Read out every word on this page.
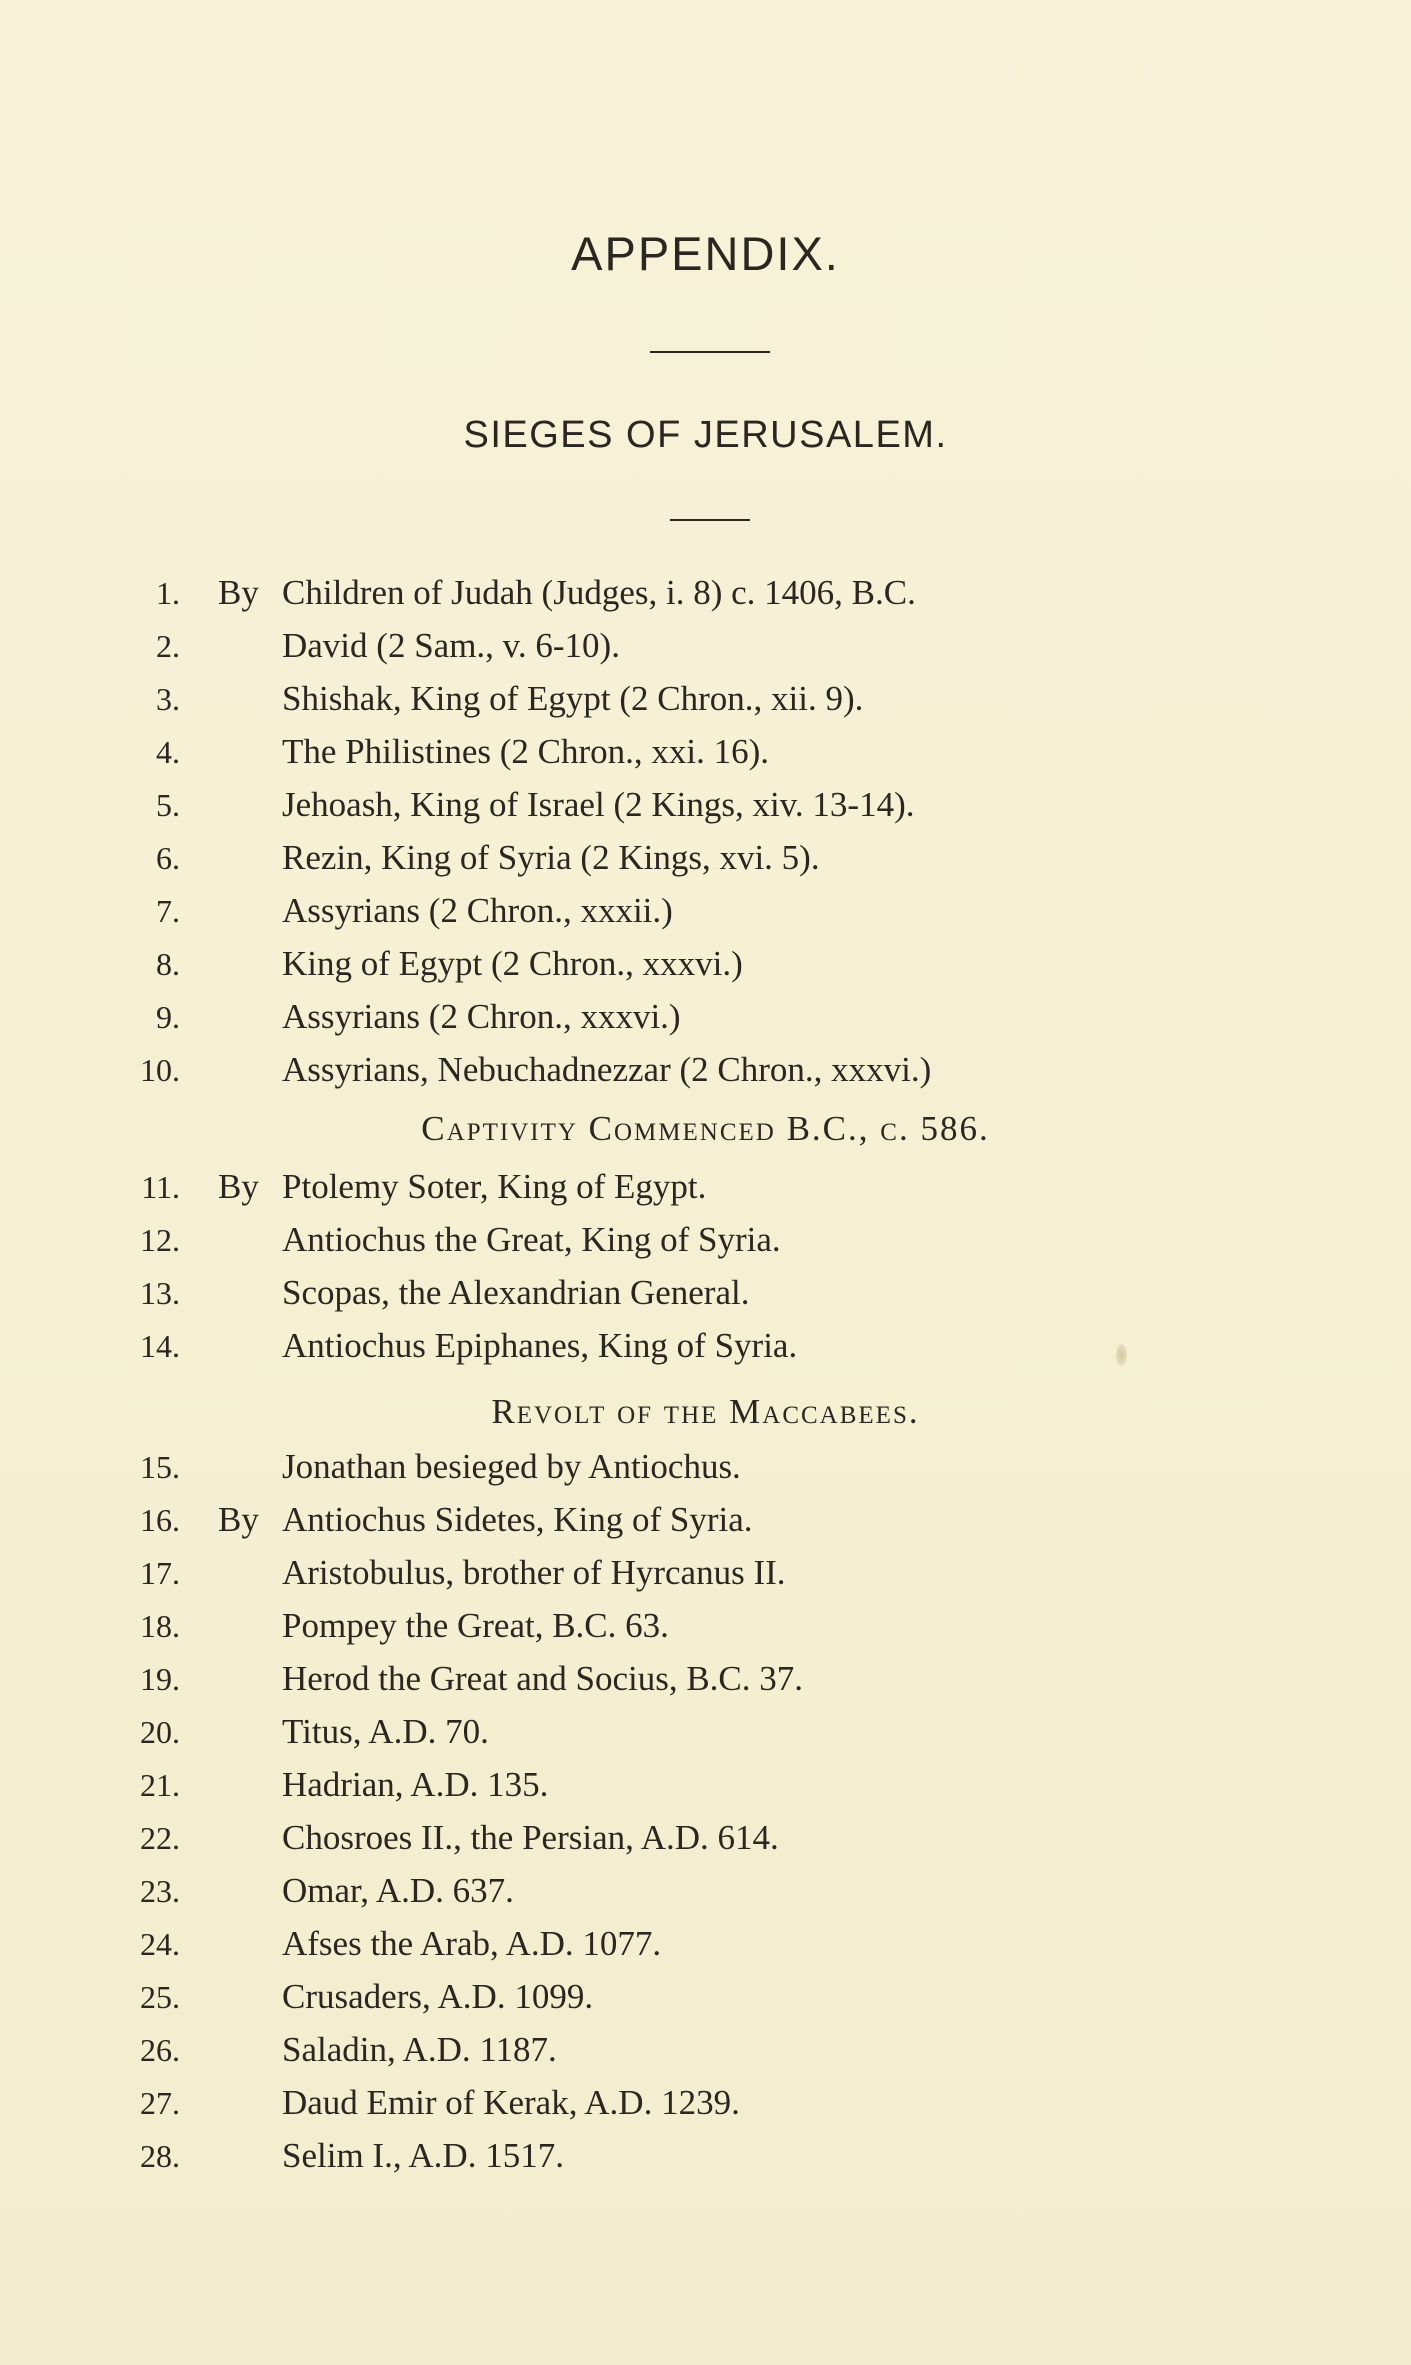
APPENDIX.
SIEGES OF JERUSALEM.
1. By Children of Judah (Judges, i. 8) c. 1406, B.C.
2.	David (2 Sam., v. 6-10).
3.	Shishak, King of Egypt (2 Chron., xii. 9).
4.	The Philistines (2 Chron., xxi. 16).
5.	Jehoash, King of Israel (2 Kings, xiv. 13-14).
6.	Rezin, King of Syria (2 Kings, xvi. 5).
7.	Assyrians (2 Chron., xxxii.)
8.	King of Egypt (2 Chron., xxxvi.)
9.	Assyrians (2 Chron., xxxvi.)
10.	Assyrians, Nebuchadnezzar (2 Chron., xxxvi.)
Captivity Commenced B.C., c. 586.
11. By Ptolemy Soter, King of Egypt.
12.	Antiochus the Great, King of Syria.
13.	Scopas, the Alexandrian General.
14.	Antiochus Epiphanes, King of Syria.
Revolt of the Maccabees.
15.	Jonathan besieged by Antiochus.
16. By Antiochus Sidetes, King of Syria.
17.	Aristobulus, brother of Hyrcanus II.
18.	Pompey the Great, B.C. 63.
19.	Herod the Great and Socius, B.C. 37.
20.	Titus, A.D. 70.
21.	Hadrian, A.D. 135.
22.	Chosroes II., the Persian, A.D. 614.
23.	Omar, A.D. 637.
24.	Afses the Arab, A.D. 1077.
25.	Crusaders, A.D. 1099.
26.	Saladin, A.D. 1187.
27.	Daud Emir of Kerak, A.D. 1239.
28.	Selim I., A.D. 1517.
